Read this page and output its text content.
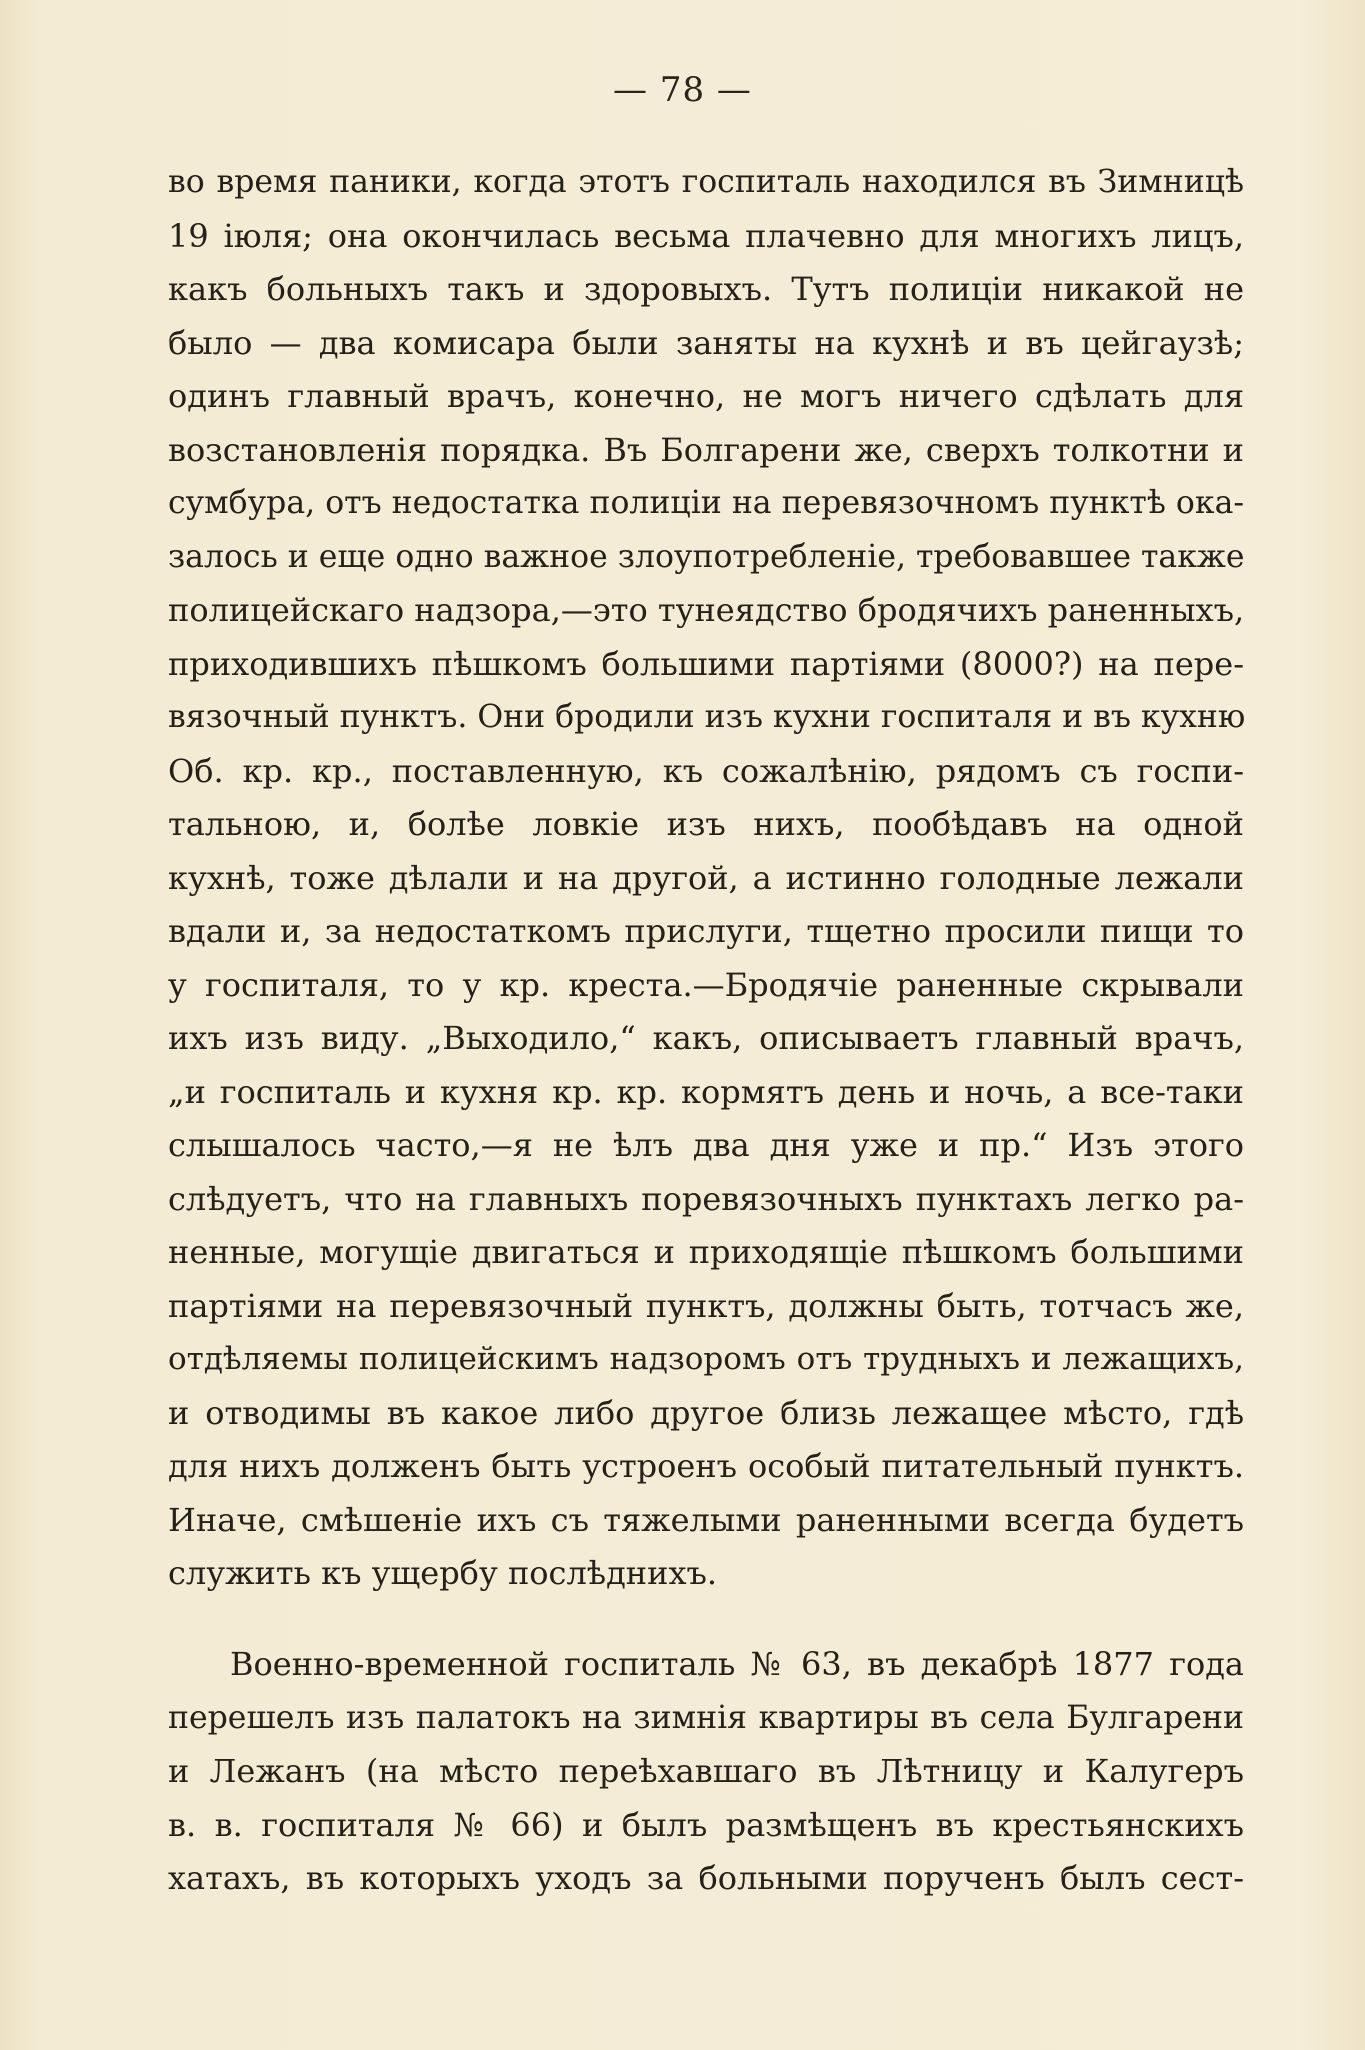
— 78 —
во время паники, когда этотъ госпиталь находился въ Зимницѣ
19 іюля; она окончилась весьма плачевно для многихъ лицъ,
какъ больныхъ такъ и здоровыхъ. Тутъ полиціи никакой не
было — два комисара были заняты на кухнѣ и въ цейгаузѣ;
одинъ главный врачъ, конечно, не могъ ничего сдѣлать для
возстановленія порядка. Въ Болгарени же, сверхъ толкотни и
сумбура, отъ недостатка полиціи на перевязочномъ пунктѣ ока-
залось и еще одно важное злоупотребленіе, требовавшее также
полицейскаго надзора,—это тунеядство бродячихъ раненныхъ,
приходившихъ пѣшкомъ большими партіями (8000?) на пере-
вязочный пунктъ. Они бродили изъ кухни госпиталя и въ кухню
Об. кр. кр., поставленную, къ сожалѣнію, рядомъ съ госпи-
тальною, и, болѣе ловкіе изъ нихъ, пообѣдавъ на одной
кухнѣ, тоже дѣлали и на другой, а истинно голодные лежали
вдали и, за недостаткомъ прислуги, тщетно просили пищи то
у госпиталя, то у кр. креста.—Бродячіе раненные скрывали
ихъ изъ виду. „Выходило,“ какъ, описываетъ главный врачъ,
„и госпиталь и кухня кр. кр. кормятъ день и ночь, а все-таки
слышалось часто,—я не ѣлъ два дня уже и пр.“ Изъ этого
слѣдуетъ, что на главныхъ поревязочныхъ пунктахъ легко ра-
ненные, могущіе двигаться и приходящіе пѣшкомъ большими
партіями на перевязочный пунктъ, должны быть, тотчасъ же,
отдѣляемы полицейскимъ надзоромъ отъ трудныхъ и лежащихъ,
и отводимы въ какое либо другое близь лежащее мѣсто, гдѣ
для нихъ долженъ быть устроенъ особый питательный пунктъ.
Иначе, смѣшеніе ихъ съ тяжелыми раненными всегда будетъ
служить къ ущербу послѣднихъ.
Военно-временной госпиталь № 63, въ декабрѣ 1877 года
перешелъ изъ палатокъ на зимнія квартиры въ села Булгарени
и Лежанъ (на мѣсто переѣхавшаго въ Лѣтницу и Калугеръ
в. в. госпиталя № 66) и былъ размѣщенъ въ крестьянскихъ
хатахъ, въ которыхъ уходъ за больными порученъ былъ сест-
